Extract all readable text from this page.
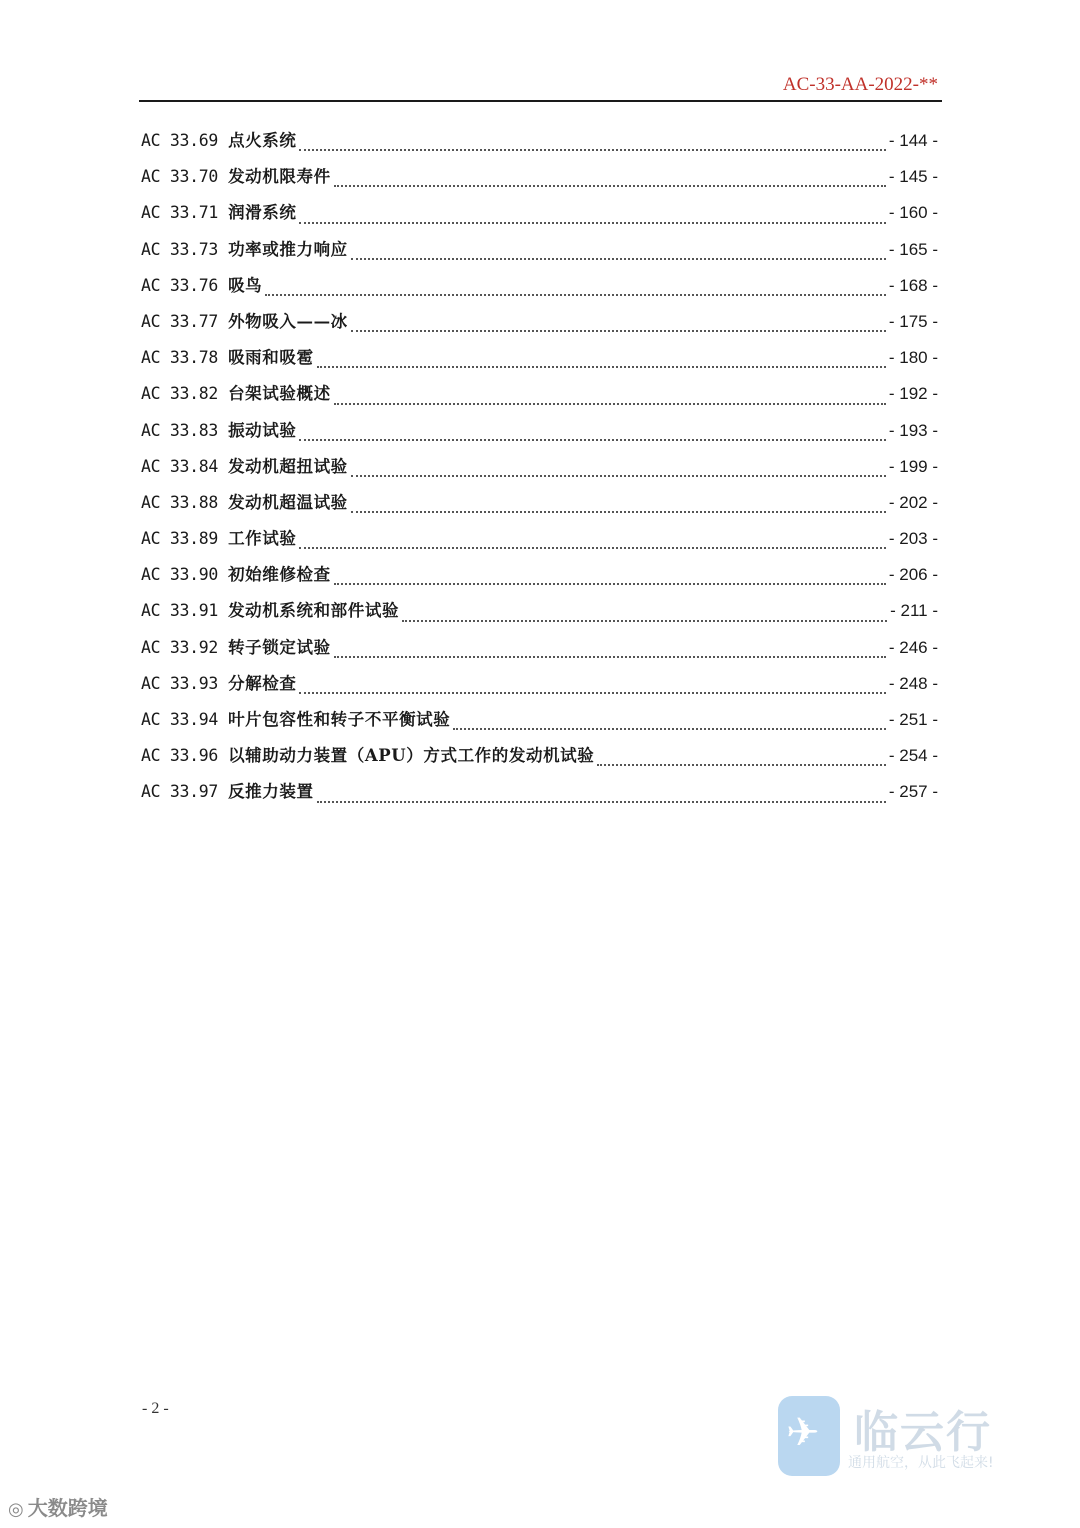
AC-33-AA-2022-**
AC 33.69 点火系统	- 144 -
AC 33.70 发动机限寿件	- 145 -
AC 33.71 润滑系统	- 160 -
AC 33.73 功率或推力响应	- 165 -
AC 33.76 吸鸟	- 168 -
AC 33.77 外物吸入——冰	- 175 -
AC 33.78 吸雨和吸雹	- 180 -
AC 33.82 台架试验概述	- 192 -
AC 33.83 振动试验	- 193 -
AC 33.84 发动机超扭试验	- 199 -
AC 33.88 发动机超温试验	- 202 -
AC 33.89 工作试验	- 203 -
AC 33.90 初始维修检查	- 206 -
AC 33.91 发动机系统和部件试验	- 211 -
AC 33.92 转子锁定试验	- 246 -
AC 33.93 分解检查	- 248 -
AC 33.94 叶片包容性和转子不平衡试验	- 251 -
AC 33.96 以辅助动力装置（APU）方式工作的发动机试验	- 254 -
AC 33.97 反推力装置	- 257 -
- 2 -
✈ 临云行
通用航空，从此飞起来!
◎ 大数跨境
